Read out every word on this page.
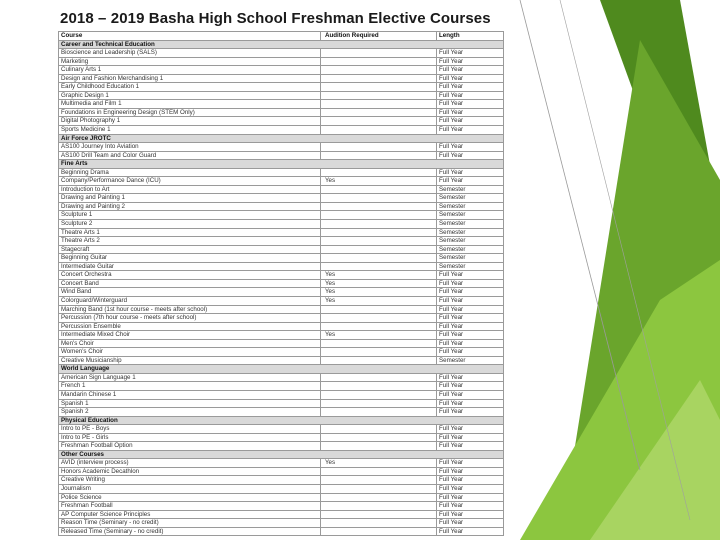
2018 – 2019 Basha High School Freshman Elective Courses
Course	Audition Required	Length
Career and Technical Education		
Bioscience and Leadership (SALS)		Full Year
Marketing		Full Year
Culinary Arts 1		Full Year
Design and Fashion Merchandising 1		Full Year
Early Childhood Education 1		Full Year
Graphic Design 1		Full Year
Multimedia and Film 1		Full Year
Foundations in Engineering Design (STEM Only)		Full Year
Digital Photography 1		Full Year
Sports Medicine 1		Full Year
Air Force JROTC		
AS100 Journey Into Aviation		Full Year
AS100 Drill Team and Color Guard		Full Year
Fine Arts		
Beginning Drama		Full Year
Company/Performance Dance (ICU)	Yes	Full Year
Introduction to Art		Semester
Drawing and Painting 1		Semester
Drawing and Painting 2		Semester
Sculpture 1		Semester
Sculpture 2		Semester
Theatre Arts 1		Semester
Theatre Arts 2		Semester
Stagecraft		Semester
Beginning Guitar		Semester
Intermediate Guitar		Semester
Concert Orchestra	Yes	Full Year
Concert Band	Yes	Full Year
Wind Band	Yes	Full Year
Colorguard/Winterguard	Yes	Full Year
Marching Band (1st hour course - meets after school)		Full Year
Percussion (7th hour course - meets after school)		Full Year
Percussion Ensemble		Full Year
Intermediate Mixed Choir	Yes	Full Year
Men's Choir		Full Year
Women's Choir		Full Year
Creative Musicianship		Semester
World Language		
American Sign Language 1		Full Year
French 1		Full Year
Mandarin Chinese 1		Full Year
Spanish 1		Full Year
Spanish 2		Full Year
Physical Education		
Intro to PE - Boys		Full Year
Intro to PE - Girls		Full Year
Freshman Football Option		Full Year
Other Courses		
AVID (interview process)	Yes	Full Year
Honors Academic Decathlon		Full Year
Creative Writing		Full Year
Journalism		Full Year
Police Science		Full Year
Freshman Football		Full Year
AP Computer Science Principles		Full Year
Reason Time (Seminary - no credit)		Full Year
Released Time (Seminary - no credit)		Full Year
